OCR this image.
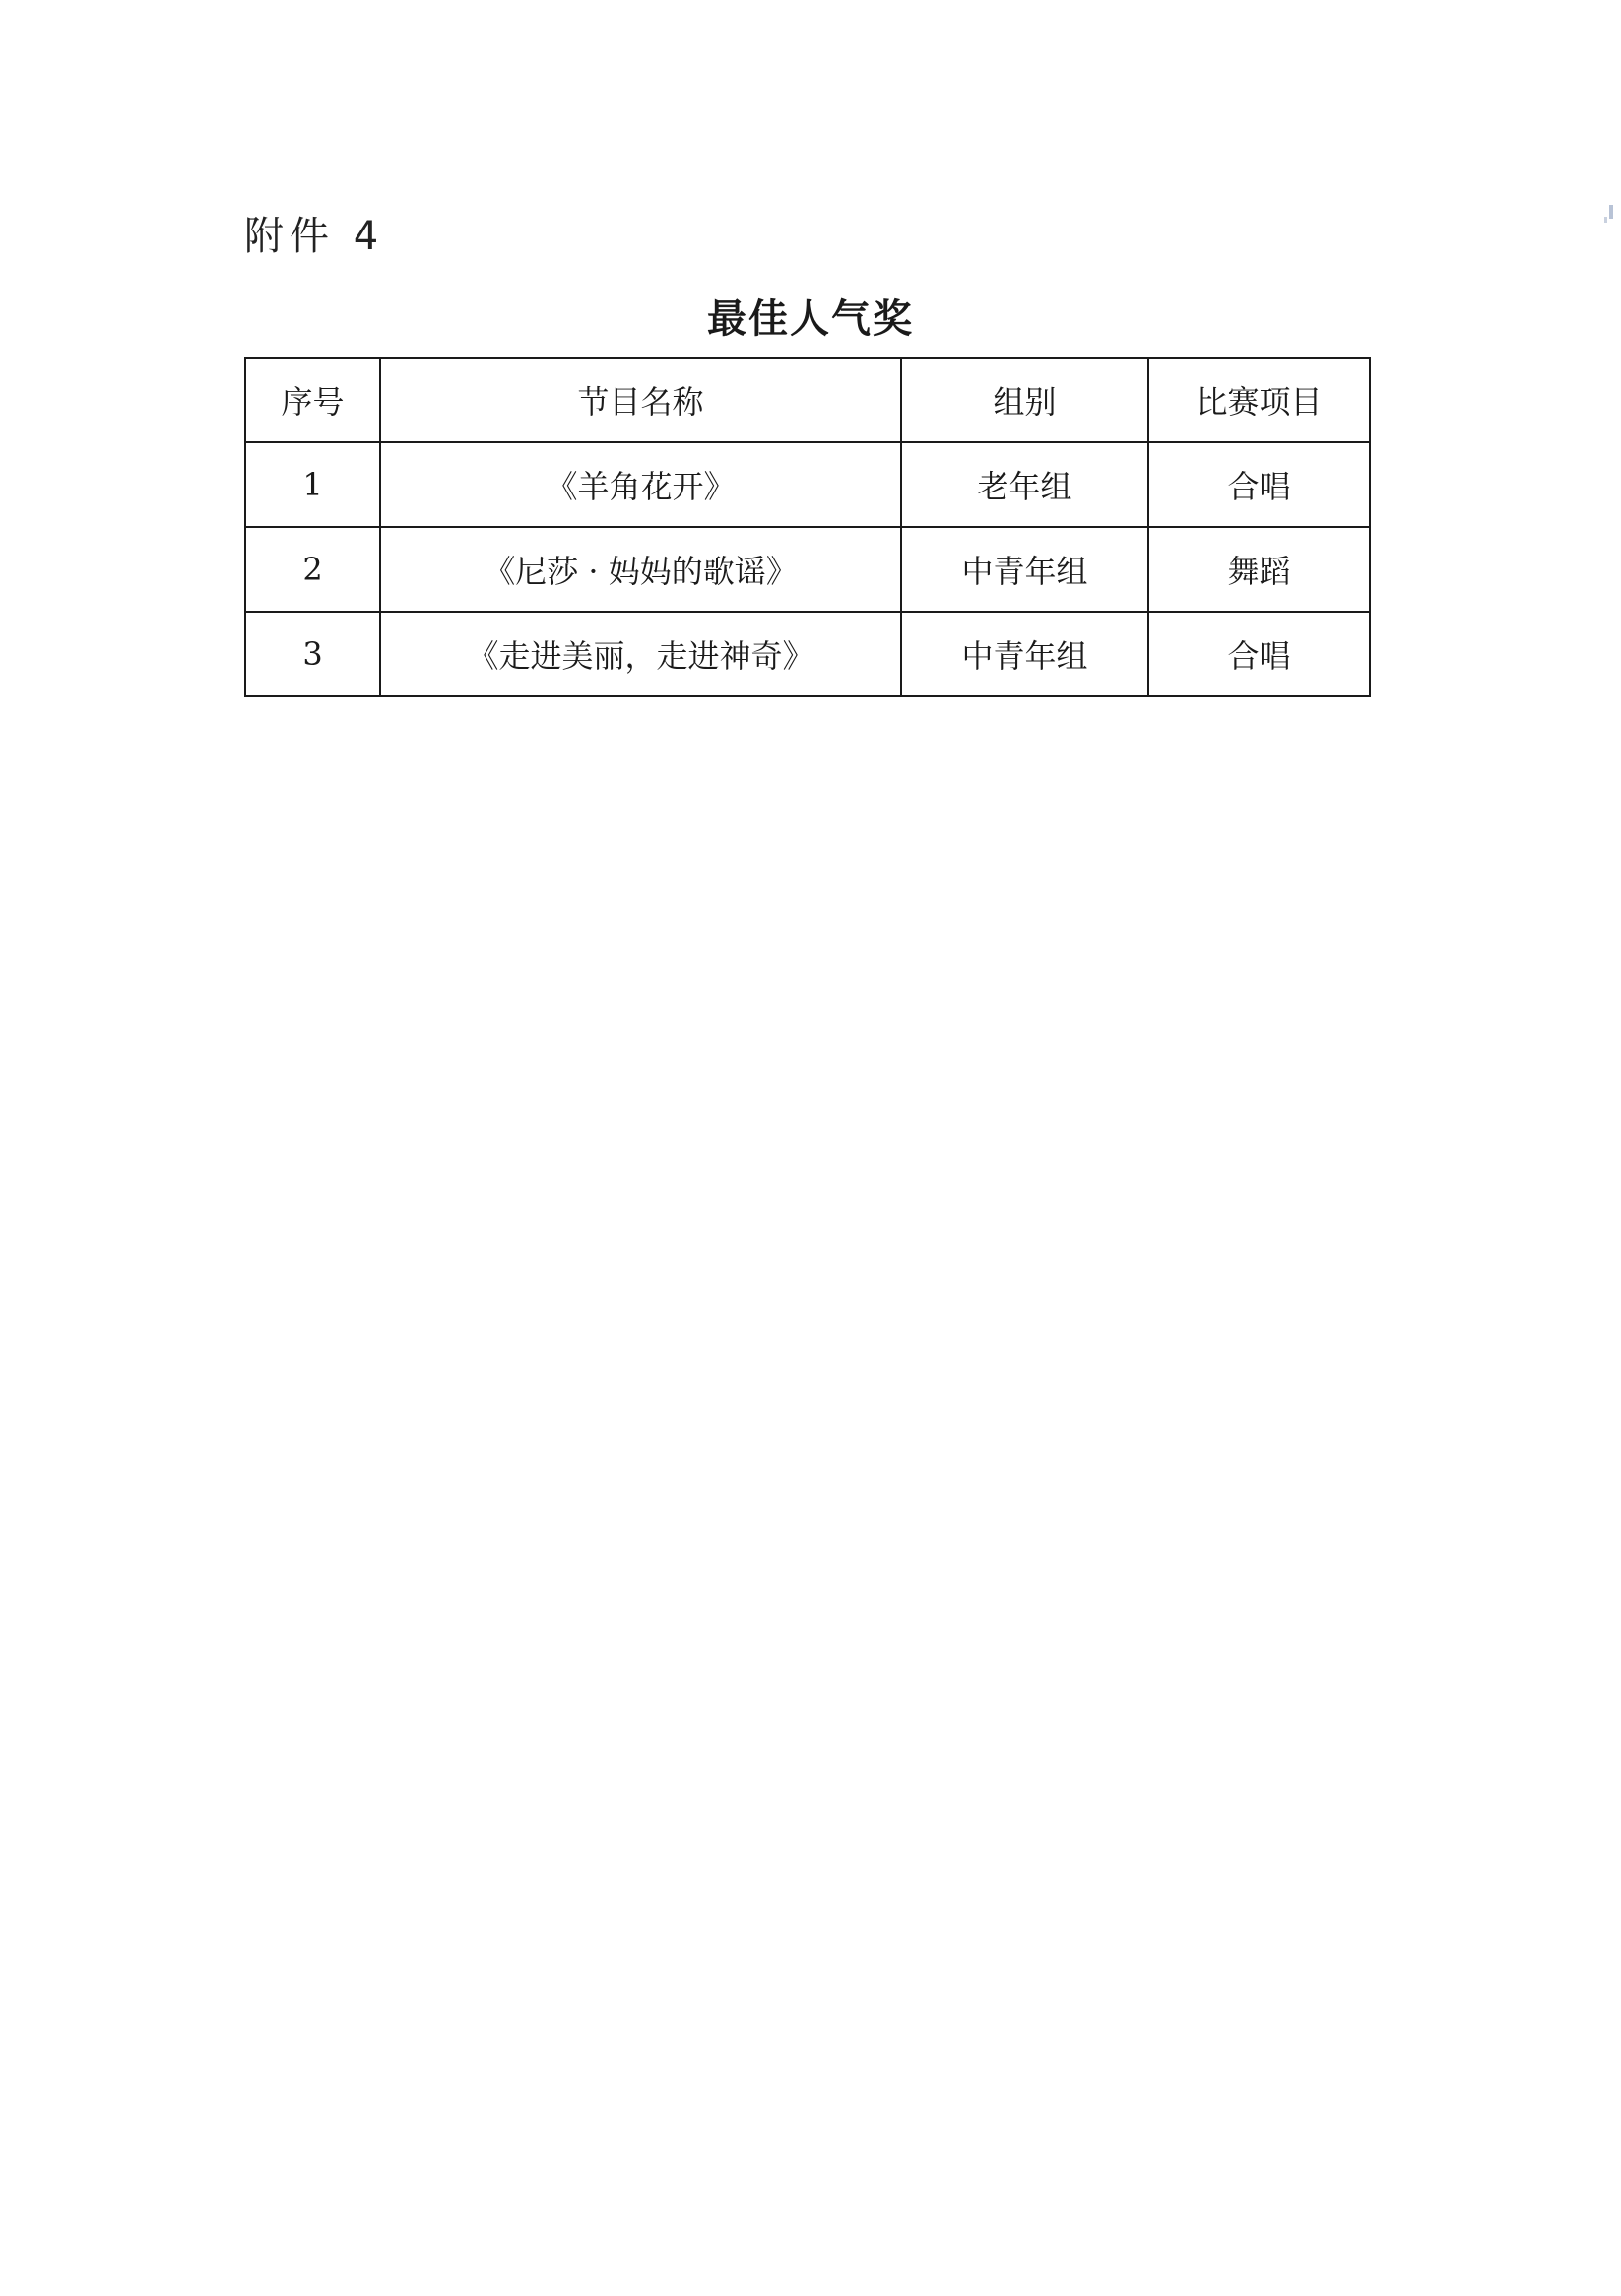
附件 4
最佳人气奖
序号	节目名称	组别	比赛项目
1	《羊角花开》	老年组	合唱
2	《尼莎 · 妈妈的歌谣》	中青年组	舞蹈
3	《走进美丽，走进神奇》	中青年组	合唱
